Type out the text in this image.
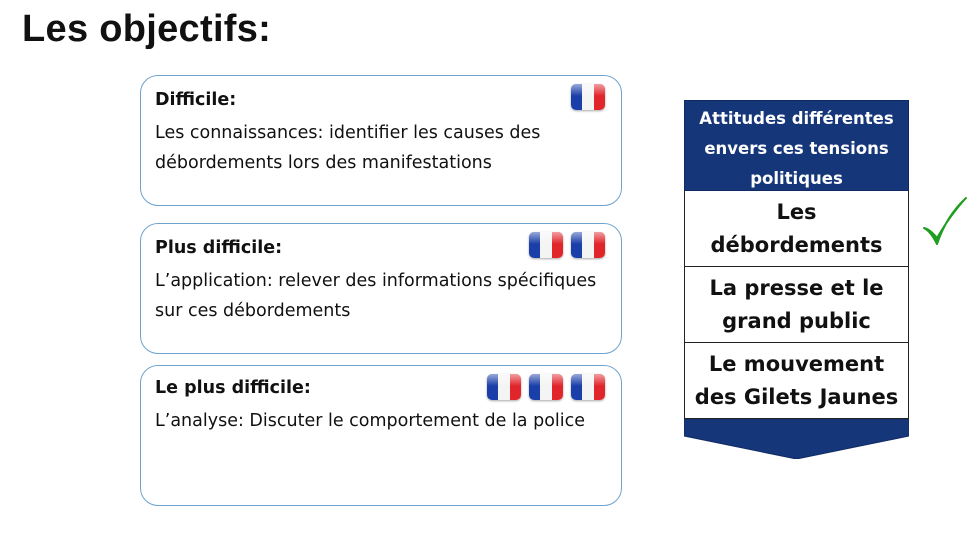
Les objectifs:
Difficile:
Les connaissances: identifier les causes des débordements lors des manifestations
Plus difficile:
L’application: relever des informations spécifiques sur ces débordements
Le plus difficile:
L’analyse: Discuter le comportement de la police
Attitudes différentes envers ces tensions politiques
Les débordements
La presse et le grand public
Le mouvement des Gilets Jaunes
